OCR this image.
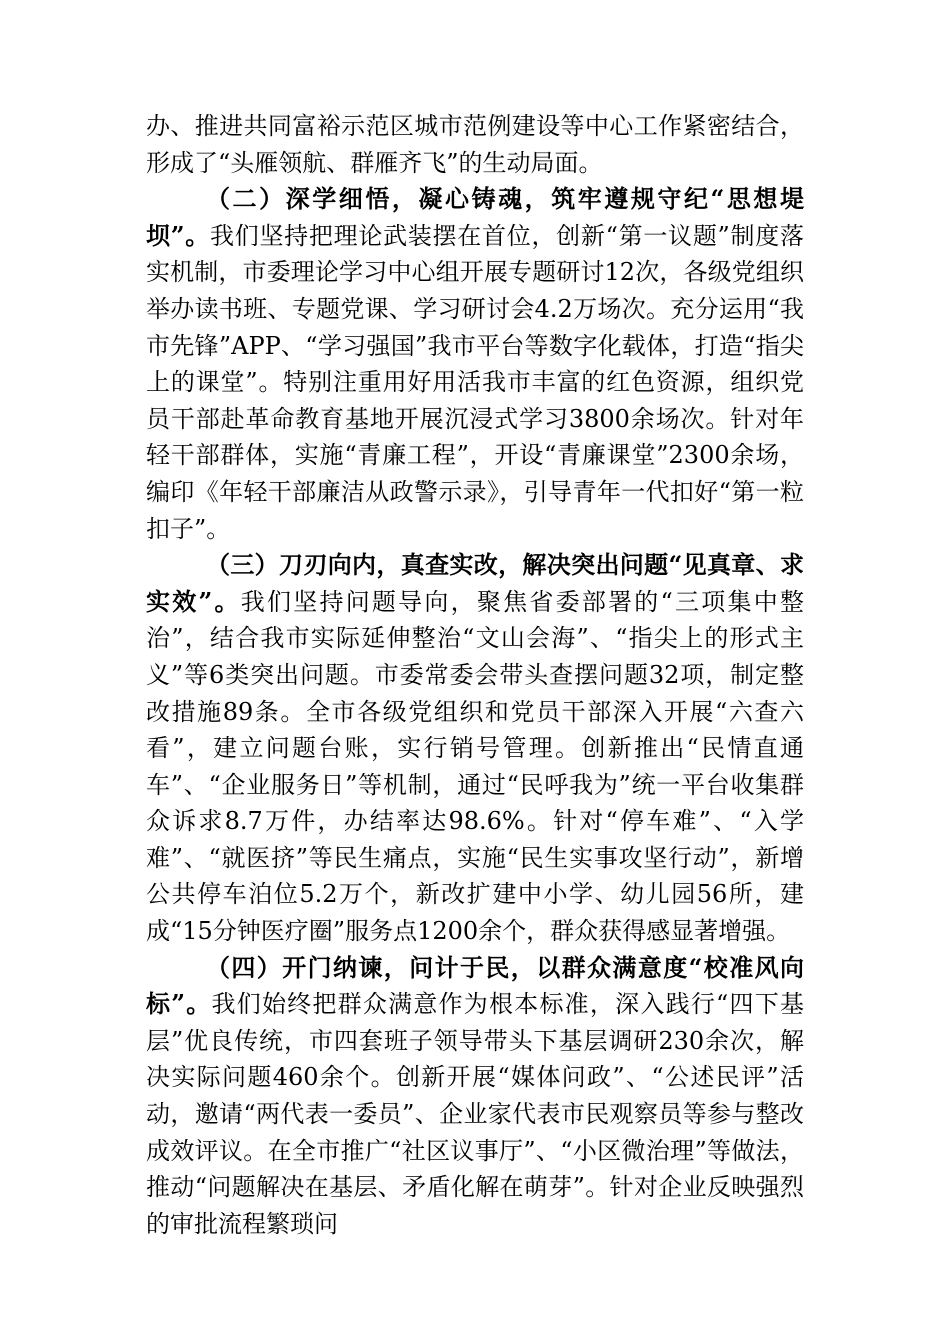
办、推进共同富裕示范区城市范例建设等中心工作紧密结合，形成了“头雁领航、群雁齐飞”的生动局面。

（二）深学细悟，凝心铸魂，筑牢遵规守纪“思想堤坝”。我们坚持把理论武装摆在首位，创新“第一议题”制度落实机制，市委理论学习中心组开展专题研讨12次，各级党组织举办读书班、专题党课、学习研讨会4.2万场次。充分运用“我市先锋”APP、“学习强国”我市平台等数字化载体，打造“指尖上的课堂”。特别注重用好用活我市丰富的红色资源，组织党员干部赴革命教育基地开展沉浸式学习3800余场次。针对年轻干部群体，实施“青廉工程”，开设“青廉课堂”2300余场，编印《年轻干部廉洁从政警示录》，引导青年一代扣好“第一粒扣子”。

（三）刀刃向内，真查实改，解决突出问题“见真章、求实效”。我们坚持问题导向，聚焦省委部署的“三项集中整治”，结合我市实际延伸整治“文山会海”、“指尖上的形式主义”等6类突出问题。市委常委会带头查摆问题32项，制定整改措施89条。全市各级党组织和党员干部深入开展“六查六看”，建立问题台账，实行销号管理。创新推出“民情直通车”、“企业服务日”等机制，通过“民呼我为”统一平台收集群众诉求8.7万件，办结率达98.6%。针对“停车难”、“入学难”、“就医挤”等民生痛点，实施“民生实事攻坚行动”，新增公共停车泊位5.2万个，新改扩建中小学、幼儿园56所，建成“15分钟医疗圈”服务点1200余个，群众获得感显著增强。

（四）开门纳谏，问计于民，以群众满意度“校准风向标”。我们始终把群众满意作为根本标准，深入践行“四下基层”优良传统，市四套班子领导带头下基层调研230余次，解决实际问题460余个。创新开展“媒体问政”、“公述民评”活动，邀请“两代表一委员”、企业家代表市民观察员等参与整改成效评议。在全市推广“社区议事厅”、“小区微治理”等做法，推动“问题解决在基层、矛盾化解在萌芽”。针对企业反映强烈的审批流程繁琐问
